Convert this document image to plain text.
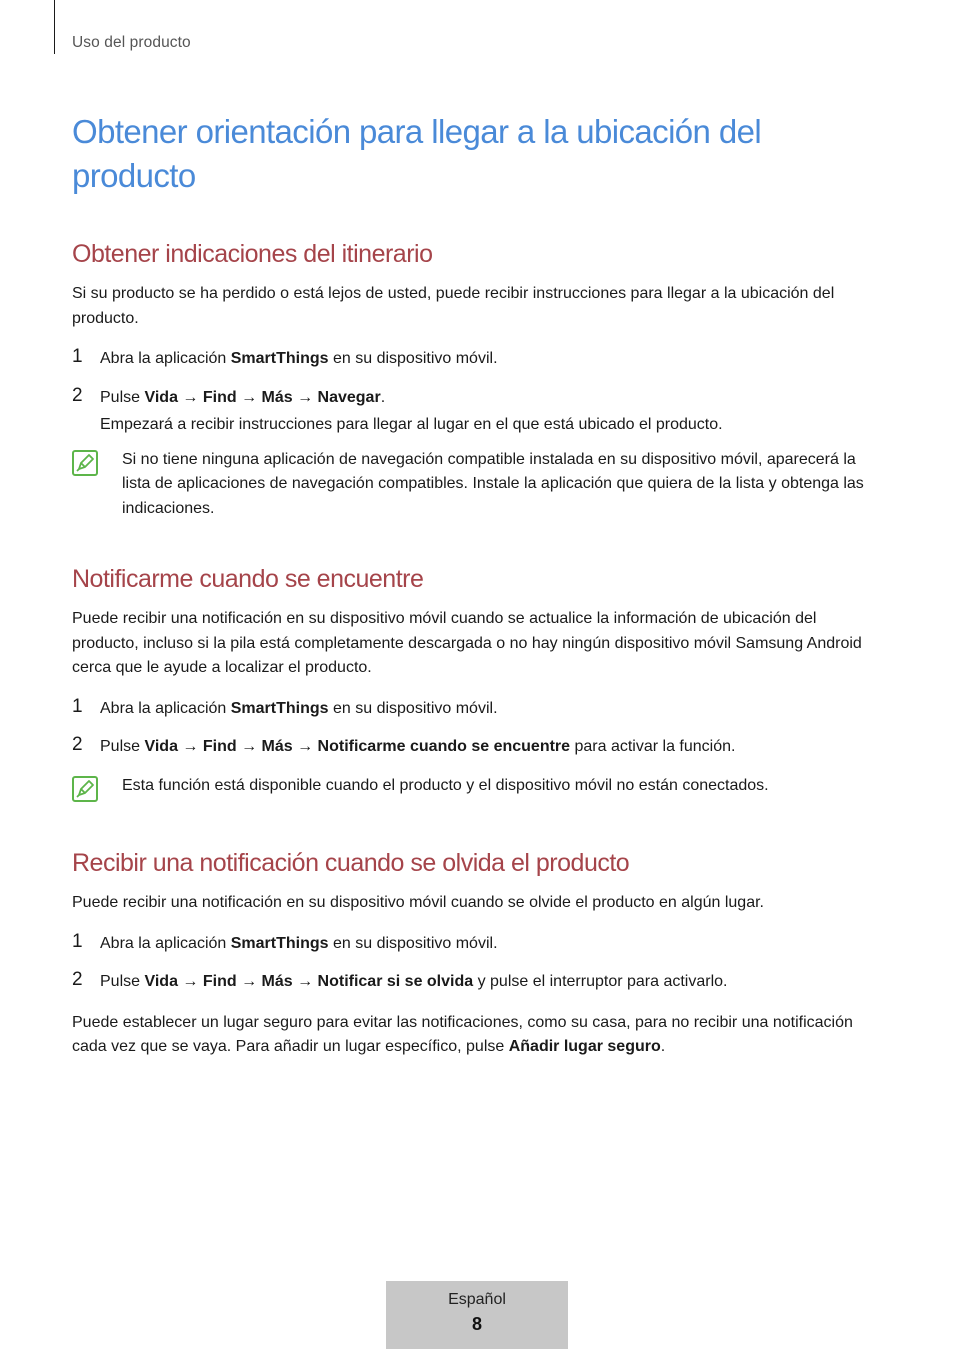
Uso del producto
Obtener orientación para llegar a la ubicación del producto
Obtener indicaciones del itinerario

Si su producto se ha perdido o está lejos de usted, puede recibir instrucciones para llegar a la ubicación del producto.

1 Abra la aplicación SmartThings en su dispositivo móvil.
2 Pulse Vida → Find → Más → Navegar.
Empezará a recibir instrucciones para llegar al lugar en el que está ubicado el producto.
Si no tiene ninguna aplicación de navegación compatible instalada en su dispositivo móvil, aparecerá la lista de aplicaciones de navegación compatibles. Instale la aplicación que quiera de la lista y obtenga las indicaciones.
Notificarme cuando se encuentre

Puede recibir una notificación en su dispositivo móvil cuando se actualice la información de ubicación del producto, incluso si la pila está completamente descargada o no hay ningún dispositivo móvil Samsung Android cerca que le ayude a localizar el producto.

1 Abra la aplicación SmartThings en su dispositivo móvil.
2 Pulse Vida → Find → Más → Notificarme cuando se encuentre para activar la función.
Esta función está disponible cuando el producto y el dispositivo móvil no están conectados.
Recibir una notificación cuando se olvida el producto

Puede recibir una notificación en su dispositivo móvil cuando se olvide el producto en algún lugar.

1 Abra la aplicación SmartThings en su dispositivo móvil.
2 Pulse Vida → Find → Más → Notificar si se olvida y pulse el interruptor para activarlo.

Puede establecer un lugar seguro para evitar las notificaciones, como su casa, para no recibir una notificación cada vez que se vaya. Para añadir un lugar específico, pulse Añadir lugar seguro.

Español
8
